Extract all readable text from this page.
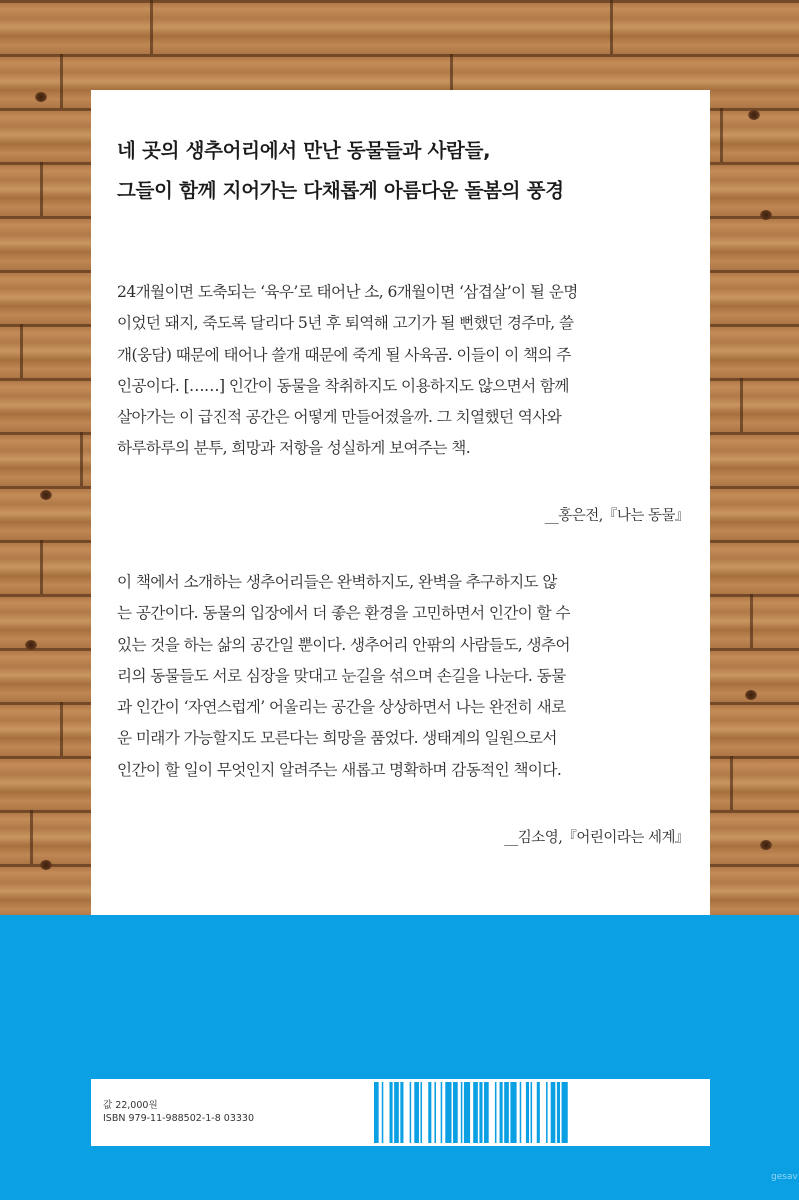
네 곳의 생추어리에서 만난 동물들과 사람들,
그들이 함께 지어가는 다채롭게 아름다운 돌봄의 풍경

24개월이면 도축되는 ‘육우’로 태어난 소, 6개월이면 ‘삼겹살’이 될 운명
이었던 돼지, 죽도록 달리다 5년 후 퇴역해 고기가 될 뻔했던 경주마, 쓸
개(웅담) 때문에 태어나 쓸개 때문에 죽게 될 사육곰. 이들이 이 책의 주
인공이다. [……] 인간이 동물을 착취하지도 이용하지도 않으면서 함께
살아가는 이 급진적 공간은 어떻게 만들어졌을까. 그 치열했던 역사와
하루하루의 분투, 희망과 저항을 성실하게 보여주는 책.

__홍은전,『나는 동물』

이 책에서 소개하는 생추어리들은 완벽하지도, 완벽을 추구하지도 않
는 공간이다. 동물의 입장에서 더 좋은 환경을 고민하면서 인간이 할 수
있는 것을 하는 삶의 공간일 뿐이다. 생추어리 안팎의 사람들도, 생추어
리의 동물들도 서로 심장을 맞대고 눈길을 섞으며 손길을 나눈다. 동물
과 인간이 ‘자연스럽게’ 어울리는 공간을 상상하면서 나는 완전히 새로
운 미래가 가능할지도 모른다는 희망을 품었다. 생태계의 일원으로서
인간이 할 일이 무엇인지 알려주는 새롭고 명확하며 감동적인 책이다.

__김소영,『어린이라는 세계』

값 22,000원

ISBN 979-11-988502-1-8 03330

gesav
